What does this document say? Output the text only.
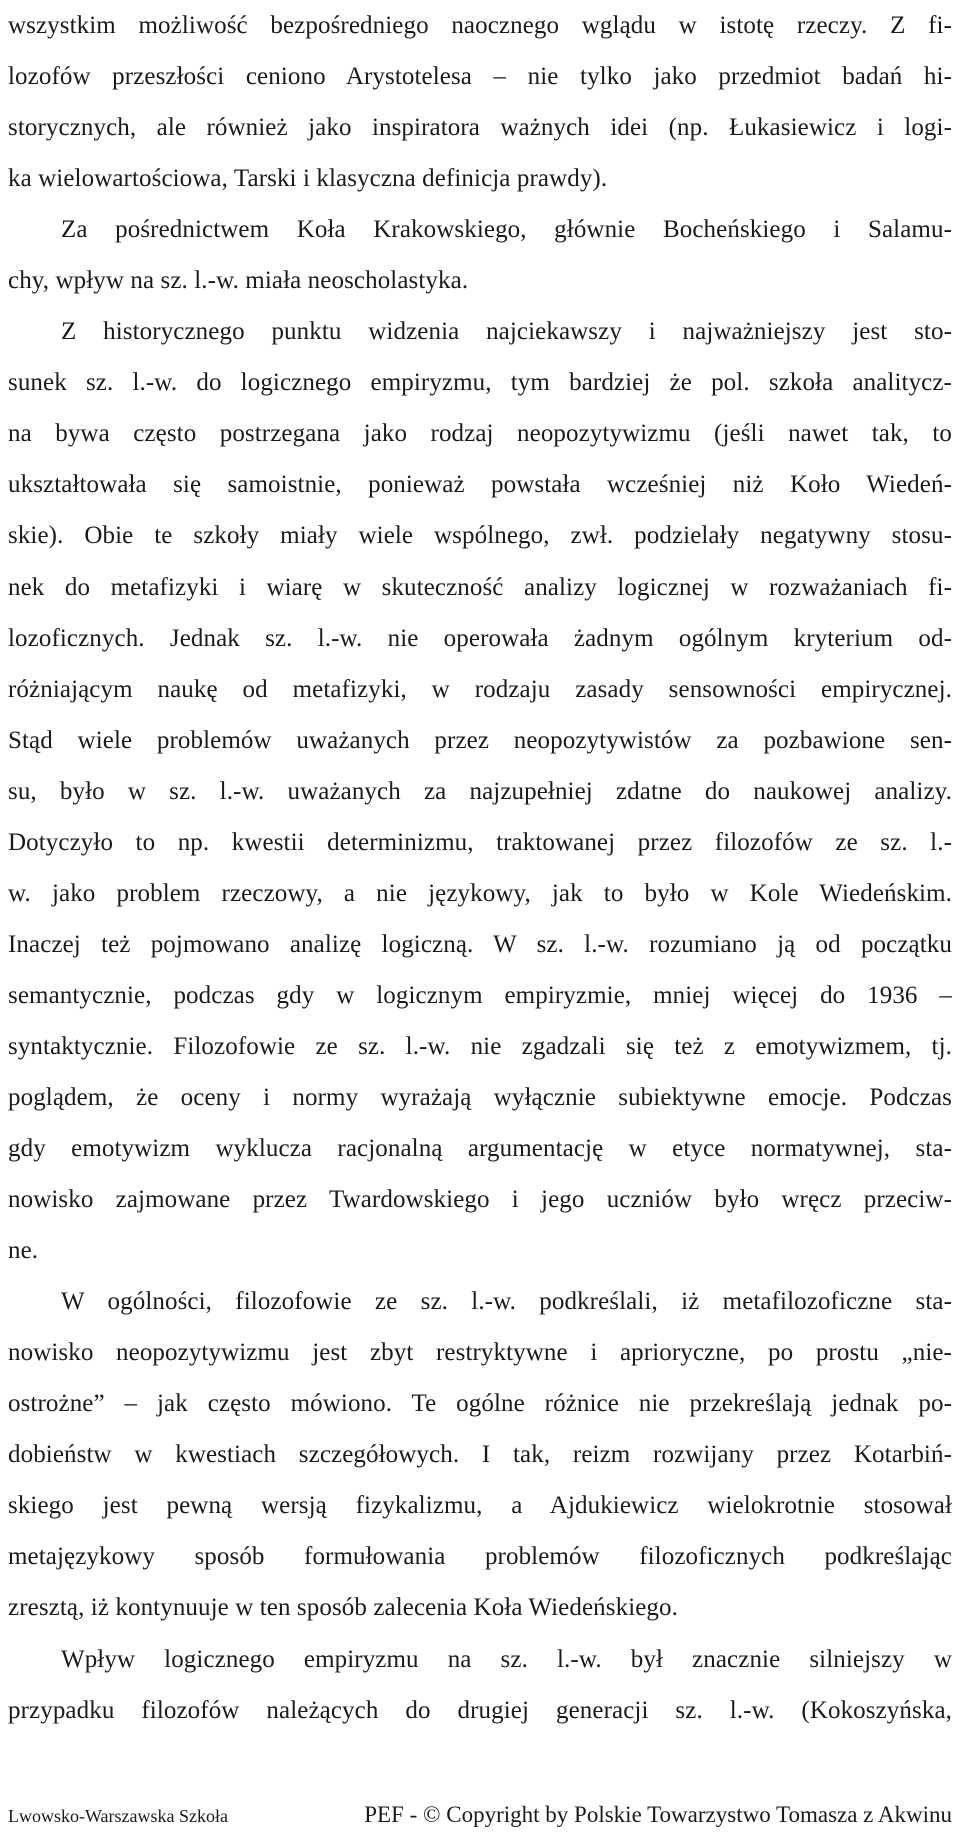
wszystkim możliwość bezpośredniego naocznego wglądu w istotę rzeczy. Z fi-
lozofów przeszłości ceniono Arystotelesa – nie tylko jako przedmiot badań hi-
storycznych, ale również jako inspiratora ważnych idei (np. Łukasiewicz i logi-
ka wielowartościowa, Tarski i klasyczna definicja prawdy).
Za pośrednictwem Koła Krakowskiego, głównie Bocheńskiego i Salamu-
chy, wpływ na sz. l.-w. miała neoscholastyka.
Z historycznego punktu widzenia najciekawszy i najważniejszy jest sto-
sunek sz. l.-w. do logicznego empiryzmu, tym bardziej że pol. szkoła analitycz-
na bywa często postrzegana jako rodzaj neopozytywizmu (jeśli nawet tak, to
ukształtowała się samoistnie, ponieważ powstała wcześniej niż Koło Wiedeń-
skie). Obie te szkoły miały wiele wspólnego, zwł. podzielały negatywny stosu-
nek do metafizyki i wiarę w skuteczność analizy logicznej w rozważaniach fi-
lozoficznych. Jednak sz. l.-w. nie operowała żadnym ogólnym kryterium od-
różniającym naukę od metafizyki, w rodzaju zasady sensowności empirycznej.
Stąd wiele problemów uważanych przez neopozytywistów za pozbawione sen-
su, było w sz. l.-w. uważanych za najzupełniej zdatne do naukowej analizy.
Dotyczyło to np. kwestii determinizmu, traktowanej przez filozofów ze sz. l.-
w. jako problem rzeczowy, a nie językowy, jak to było w Kole Wiedeńskim.
Inaczej też pojmowano analizę logiczną. W sz. l.-w. rozumiano ją od początku
semantycznie, podczas gdy w logicznym empiryzmie, mniej więcej do 1936 –
syntaktycznie. Filozofowie ze sz. l.-w. nie zgadzali się też z emotywizmem, tj.
poglądem, że oceny i normy wyrażają wyłącznie subiektywne emocje. Podczas
gdy emotywizm wyklucza racjonalną argumentację w etyce normatywnej, sta-
nowisko zajmowane przez Twardowskiego i jego uczniów było wręcz przeciw-
ne.
W ogólności, filozofowie ze sz. l.-w. podkreślali, iż metafilozoficzne sta-
nowisko neopozytywizmu jest zbyt restryktywne i aprioryczne, po prostu „nie-
ostrożne” – jak często mówiono. Te ogólne różnice nie przekreślają jednak po-
dobieństw w kwestiach szczegółowych. I tak, reizm rozwijany przez Kotarbiń-
skiego jest pewną wersją fizykalizmu, a Ajdukiewicz wielokrotnie stosował
metajęzykowy sposób formułowania problemów filozoficznych podkreślając
zresztą, iż kontynuuje w ten sposób zalecenia Koła Wiedeńskiego.
Wpływ logicznego empiryzmu na sz. l.-w. był znacznie silniejszy w
przypadku filozofów należących do drugiej generacji sz. l.-w. (Kokoszyńska,
Lwowsko-Warszawska Szkoła	PEF - © Copyright by Polskie Towarzystwo Tomasza z Akwinu
